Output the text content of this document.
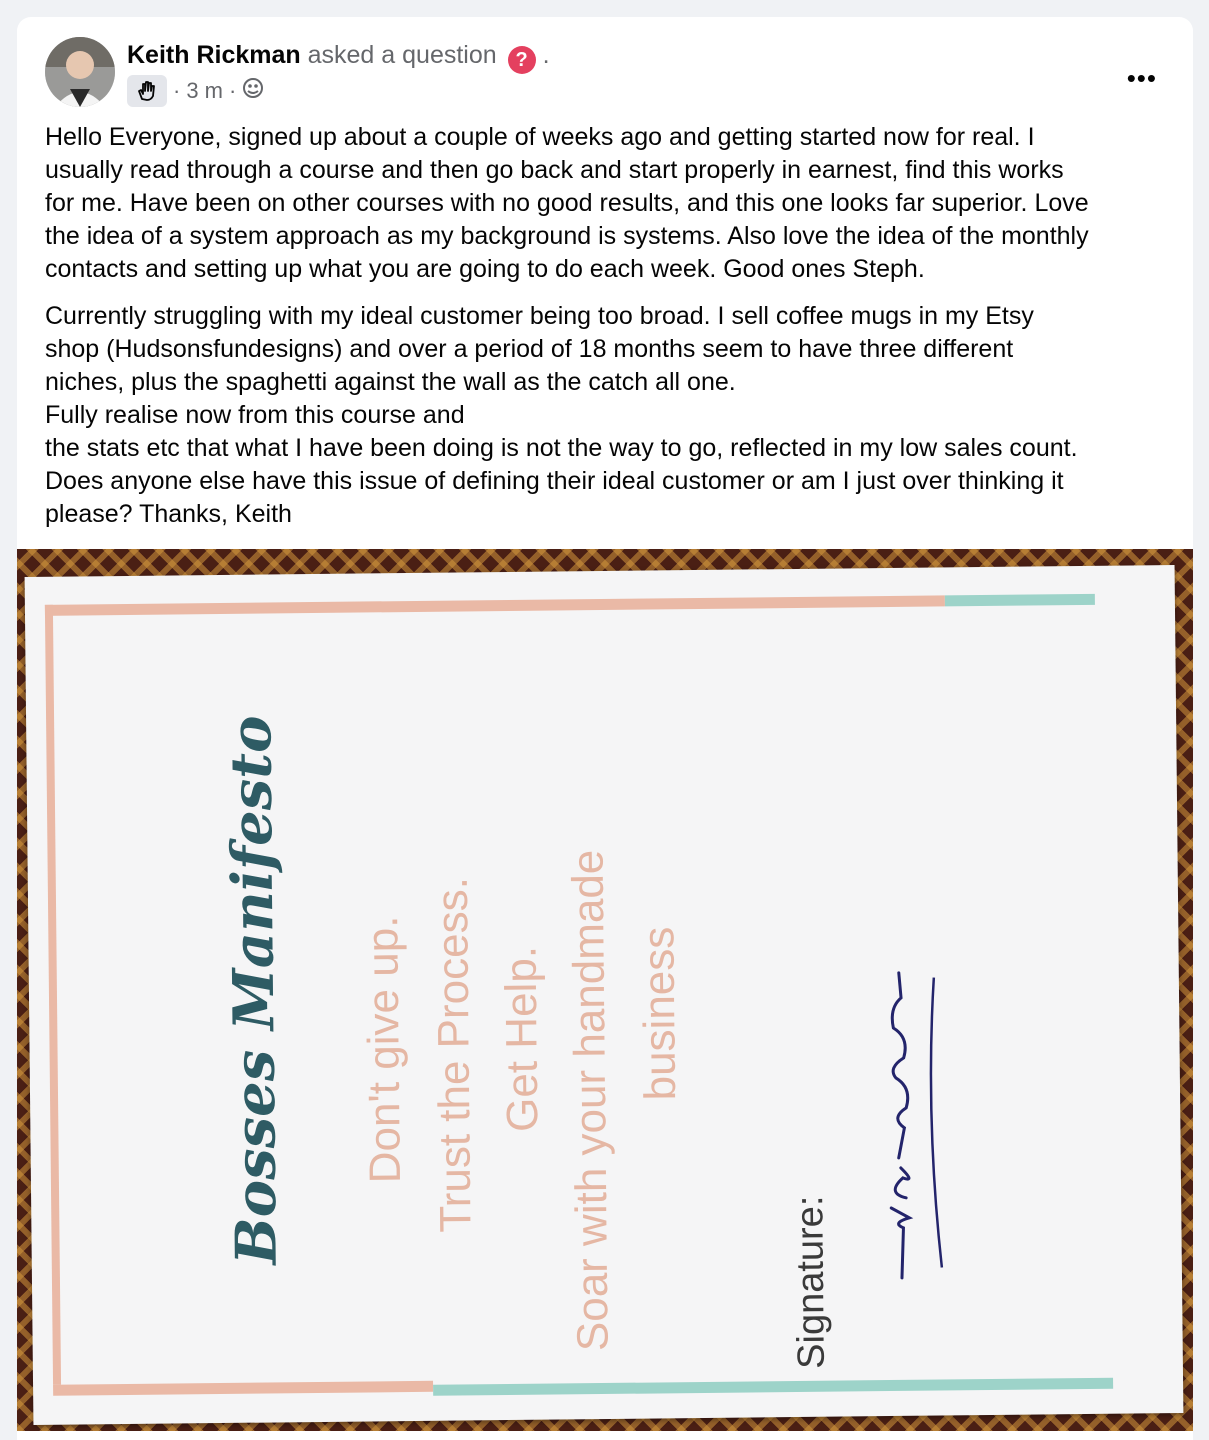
Keith Rickman asked a question ? .
· 3 m ·	•••

Hello Everyone, signed up about a couple of weeks ago and getting started now for real. I
usually read through a course and then go back and start properly in earnest, find this works
for me. Have been on other courses with no good results, and this one looks far superior. Love
the idea of a system approach as my background is systems. Also love the idea of the monthly
contacts and setting up what you are going to do each week. Good ones Steph.

Currently struggling with my ideal customer being too broad. I sell coffee mugs in my Etsy
shop (Hudsonsfundesigns) and over a period of 18 months seem to have three different
niches, plus the spaghetti against the wall as the catch all one.
Fully realise now from this course and
the stats etc that what I have been doing is not the way to go, reflected in my low sales count.
Does anyone else have this issue of defining their ideal customer or am I just over thinking it
please? Thanks, Keith

Bosses Manifesto Don't give up. Trust the Process. Get Help. Soar with your handmade business
Signature:
